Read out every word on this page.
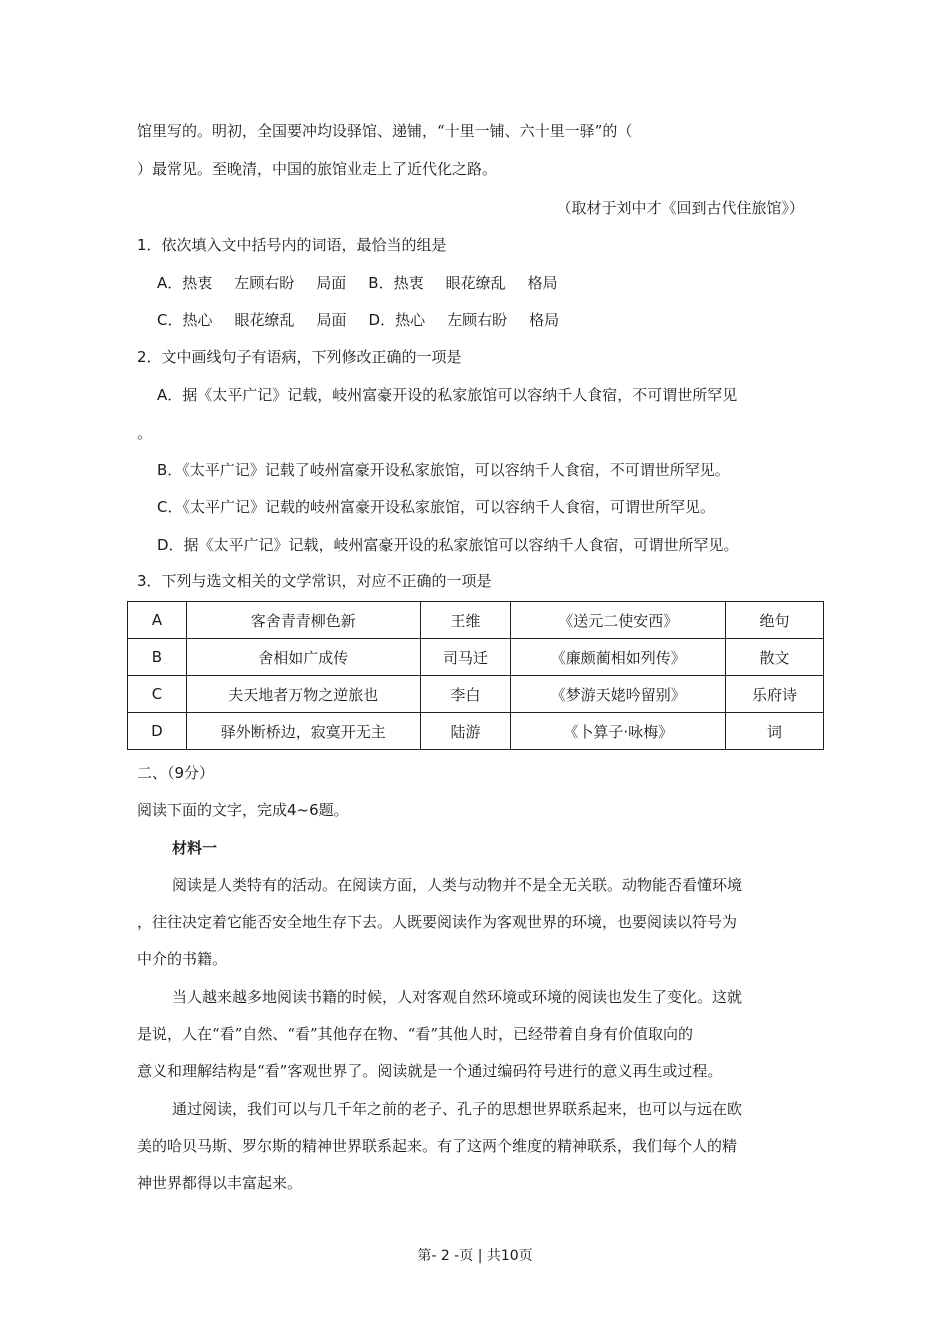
馆里写的。明初，全国要冲均设驿馆、递铺，“十里一铺、六十里一驿”的（
）最常见。至晚清，中国的旅馆业走上了近代化之路。
（取材于刘中才《回到古代住旅馆》）
1．依次填入文中括号内的词语，最恰当的组是
A．热衷 左顾右盼 局面 B．热衷 眼花缭乱 格局
C．热心 眼花缭乱 局面 D．热心 左顾右盼 格局
2．文中画线句子有语病，下列修改正确的一项是
A．据《太平广记》记载，岐州富豪开设的私家旅馆可以容纳千人食宿，不可谓世所罕见
。
B．《太平广记》记载了岐州富豪开设私家旅馆，可以容纳千人食宿，不可谓世所罕见。
C．《太平广记》记载的岐州富豪开设私家旅馆，可以容纳千人食宿，可谓世所罕见。
D．据《太平广记》记载，岐州富豪开设的私家旅馆可以容纳千人食宿，可谓世所罕见。
3．下列与选文相关的文学常识，对应不正确的一项是
A	客舍青青柳色新	王维	《送元二使安西》	绝句
B	舍相如广成传	司马迁	《廉颇蔺相如列传》	散文
C	夫天地者万物之逆旅也	李白	《梦游天姥吟留别》	乐府诗
D	驿外断桥边，寂寞开无主	陆游	《卜算子·咏梅》	词
二、（9分）
阅读下面的文字，完成4~6题。
材料一
阅读是人类特有的活动。在阅读方面，人类与动物并不是全无关联。动物能否看懂环境
，往往决定着它能否安全地生存下去。人既要阅读作为客观世界的环境，也要阅读以符号为
中介的书籍。
当人越来越多地阅读书籍的时候，人对客观自然环境或环境的阅读也发生了变化。这就
是说，人在“看”自然、“看”其他存在物、“看”其他人时，已经带着自身有价值取向的
意义和理解结构是“看”客观世界了。阅读就是一个通过编码符号进行的意义再生或过程。
通过阅读，我们可以与几千年之前的老子、孔子的思想世界联系起来，也可以与远在欧
美的哈贝马斯、罗尔斯的精神世界联系起来。有了这两个维度的精神联系，我们每个人的精
神世界都得以丰富起来。
第- 2 -页 | 共10页
